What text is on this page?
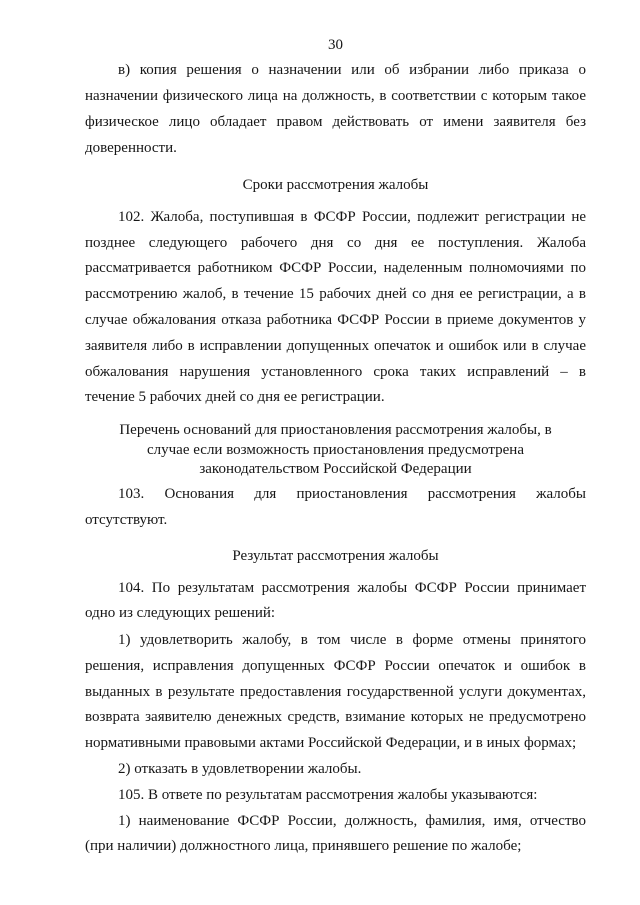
30
в) копия решения о назначении или об избрании либо приказа о
назначении физического лица на должность, в соответствии с которым такое
физическое лицо обладает правом действовать от имени заявителя без
доверенности.
Сроки рассмотрения жалобы
102. Жалоба, поступившая в ФСФР России, подлежит регистрации не
позднее следующего рабочего дня со дня ее поступления. Жалоба
рассматривается работником ФСФР России, наделенным полномочиями по
рассмотрению жалоб, в течение 15 рабочих дней со дня ее регистрации, а в
случае обжалования отказа работника ФСФР России в приеме документов у
заявителя либо в исправлении допущенных опечаток и ошибок или в случае
обжалования нарушения установленного срока таких исправлений – в
течение 5 рабочих дней со дня ее регистрации.
Перечень оснований для приостановления рассмотрения жалобы, в
случае если возможность приостановления предусмотрена
законодательством Российской Федерации
103. Основания для приостановления рассмотрения жалобы
отсутствуют.
Результат рассмотрения жалобы
104. По результатам рассмотрения жалобы ФСФР России принимает
одно из следующих решений:
1) удовлетворить жалобу, в том числе в форме отмены принятого
решения, исправления допущенных ФСФР России опечаток и ошибок в
выданных в результате предоставления государственной услуги документах,
возврата заявителю денежных средств, взимание которых не предусмотрено
нормативными правовыми актами Российской Федерации, и в иных формах;
2) отказать в удовлетворении жалобы.
105. В ответе по результатам рассмотрения жалобы указываются:
1) наименование ФСФР России, должность, фамилия, имя, отчество
(при наличии) должностного лица, принявшего решение по жалобе;
